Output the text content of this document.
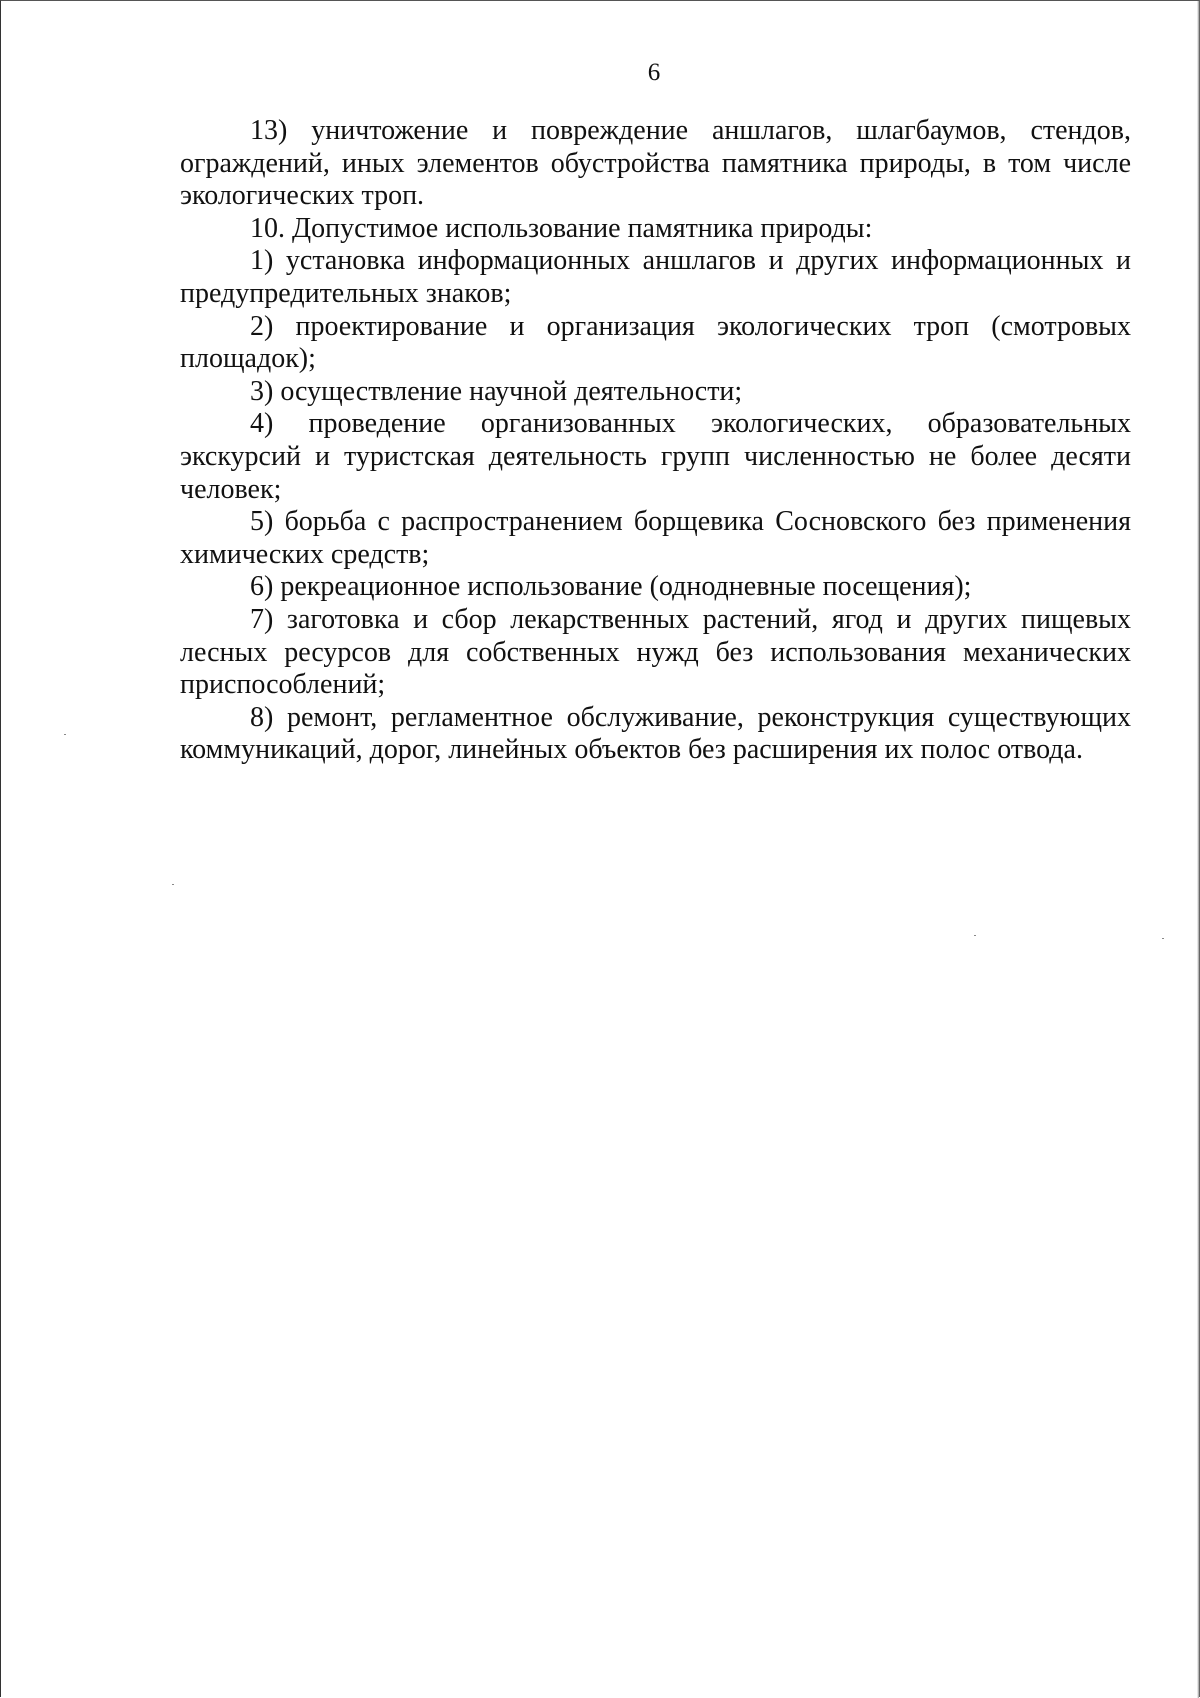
6

13) уничтожение и повреждение аншлагов, шлагбаумов, стендов, ограждений, иных элементов обустройства памятника природы, в том числе экологических троп.

10. Допустимое использование памятника природы:

1) установка информационных аншлагов и других информационных и предупредительных знаков;

2) проектирование и организация экологических троп (смотровых площадок);

3) осуществление научной деятельности;

4) проведение организованных экологических, образовательных экскурсий и туристская деятельность групп численностью не более десяти человек;

5) борьба с распространением борщевика Сосновского без применения химических средств;

6) рекреационное использование (однодневные посещения);

7) заготовка и сбор лекарственных растений, ягод и других пищевых лесных ресурсов для собственных нужд без использования механических приспособлений;

8) ремонт, регламентное обслуживание, реконструкция существующих коммуникаций, дорог, линейных объектов без расширения их полос отвода.
